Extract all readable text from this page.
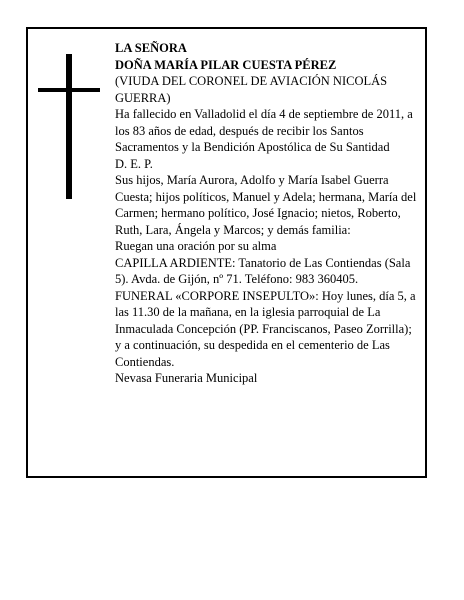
LA SEÑORA

DOÑA MARÍA PILAR CUESTA PÉREZ

(VIUDA DEL CORONEL DE AVIACIÓN NICOLÁS GUERRA)

Ha fallecido en Valladolid el día 4 de septiembre de 2011, a los 83 años de edad, después de recibir los Santos Sacramentos y la Bendición Apostólica de Su Santidad

D. E. P.

Sus hijos, María Aurora, Adolfo y María Isabel Guerra Cuesta; hijos políticos, Manuel y Adela; hermana, María del Carmen; hermano político, José Ignacio; nietos, Roberto, Ruth, Lara, Ángela y Marcos; y demás familia:

Ruegan una oración por su alma

CAPILLA ARDIENTE: Tanatorio de Las Contiendas (Sala 5). Avda. de Gijón, nº 71. Teléfono: 983 360405.

FUNERAL «CORPORE INSEPULTO»: Hoy lunes, día 5, a las 11.30 de la mañana, en la iglesia parroquial de La Inmaculada Concepción (PP. Franciscanos, Paseo Zorrilla); y a continuación, su despedida en el cementerio de Las Contiendas.

Nevasa Funeraria Municipal
